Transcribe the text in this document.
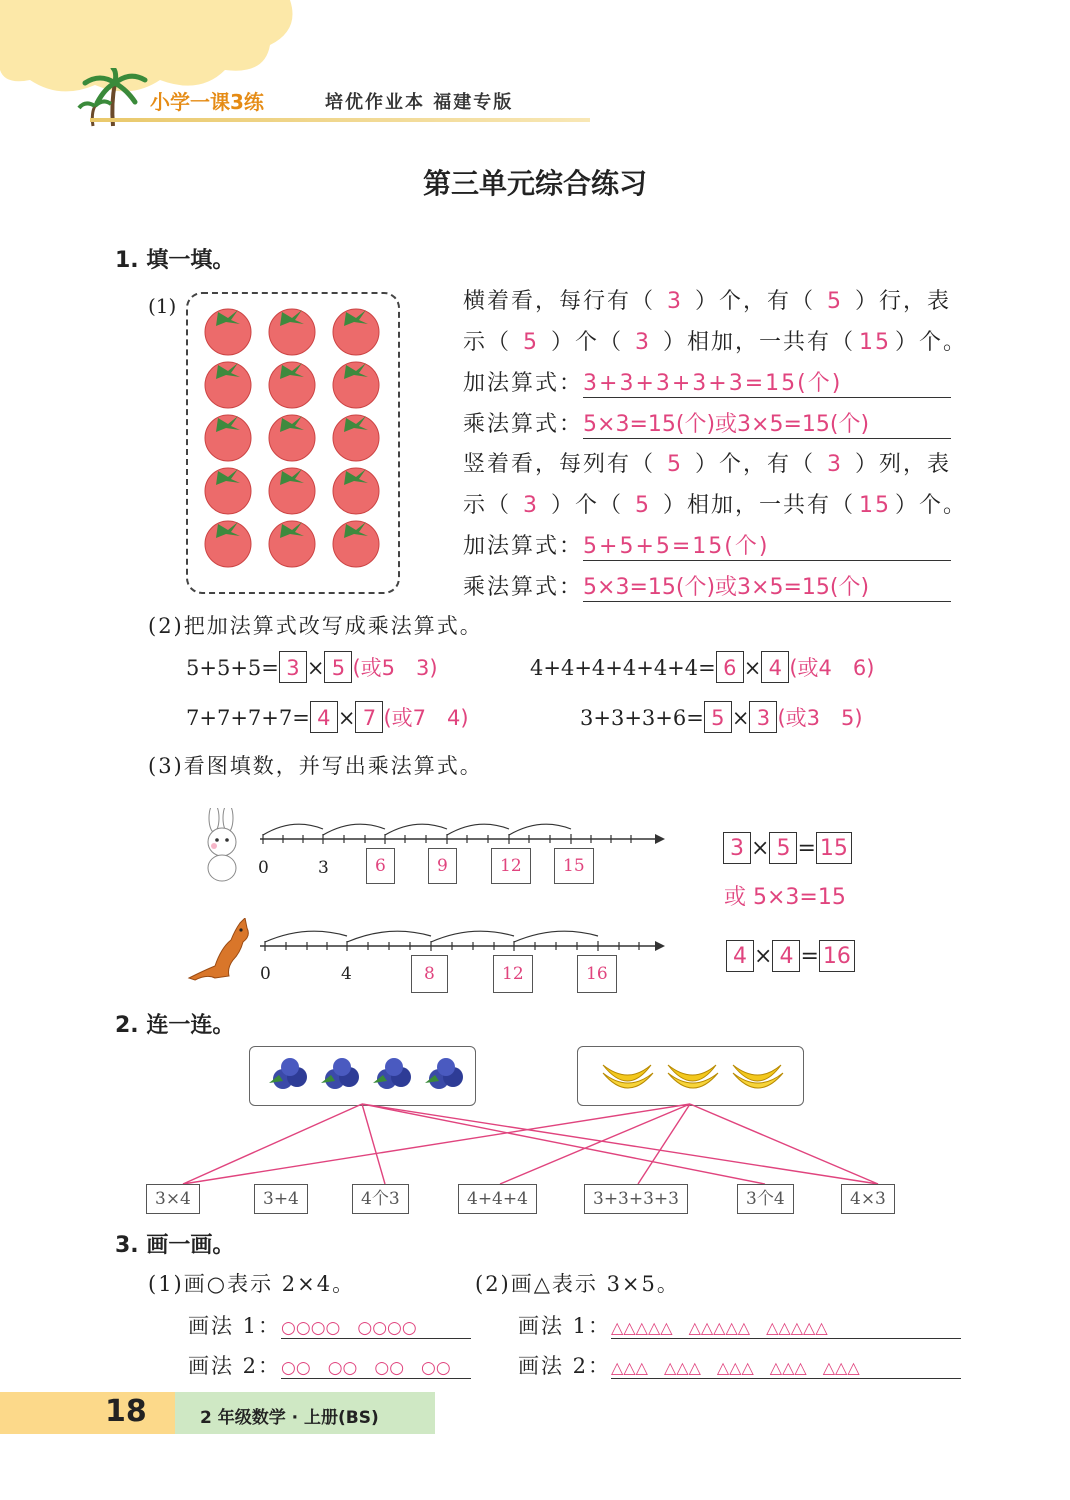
小学一课3练	培优作业本 福建专版
第三单元综合练习
1. 填一填。
(1)	横着看，每行有（ 3 ）个，有（ 5 ）行，表
示（ 5 ）个（ 3 ）相加，一共有（ 15 ）个。
加法算式：3+3+3+3+3=15(个)
乘法算式：5×3=15(个)或3×5=15(个)
竖着看，每列有（ 5 ）个，有（ 3 ）列，表
示（ 3 ）个（ 5 ）相加，一共有（ 15 ）个。
加法算式：5+5+5=15(个)
乘法算式：5×3=15(个)或3×5=15(个)
(2)把加法算式改写成乘法算式。
5+5+5= 3 × 5 (或5　3)	4+4+4+4+4+4= 6 × 4 (或4　6)
7+7+7+7= 4 × 7 (或7　4)	3+3+3+6= 5 × 3 (或3　5)
(3)看图填数，并写出乘法算式。
0	3	6	9	12	15
3 × 5 = 15
或 5×3=15
0	4	8	12	16
4 × 4 = 16
2. 连一连。
3×4	3+4	4个3	4+4+4	3+3+3+3	3个4	4×3
3. 画一画。
(1)画○表示 2×4。	(2)画△表示 3×5。
画法 1：○○○○　○○○○
画法 2：○○　○○　○○　○○
画法 1：△△△△△　△△△△△　△△△△△
画法 2：△△△　△△△　△△△　△△△　△△△
18	2 年级数学 · 上册(BS)
